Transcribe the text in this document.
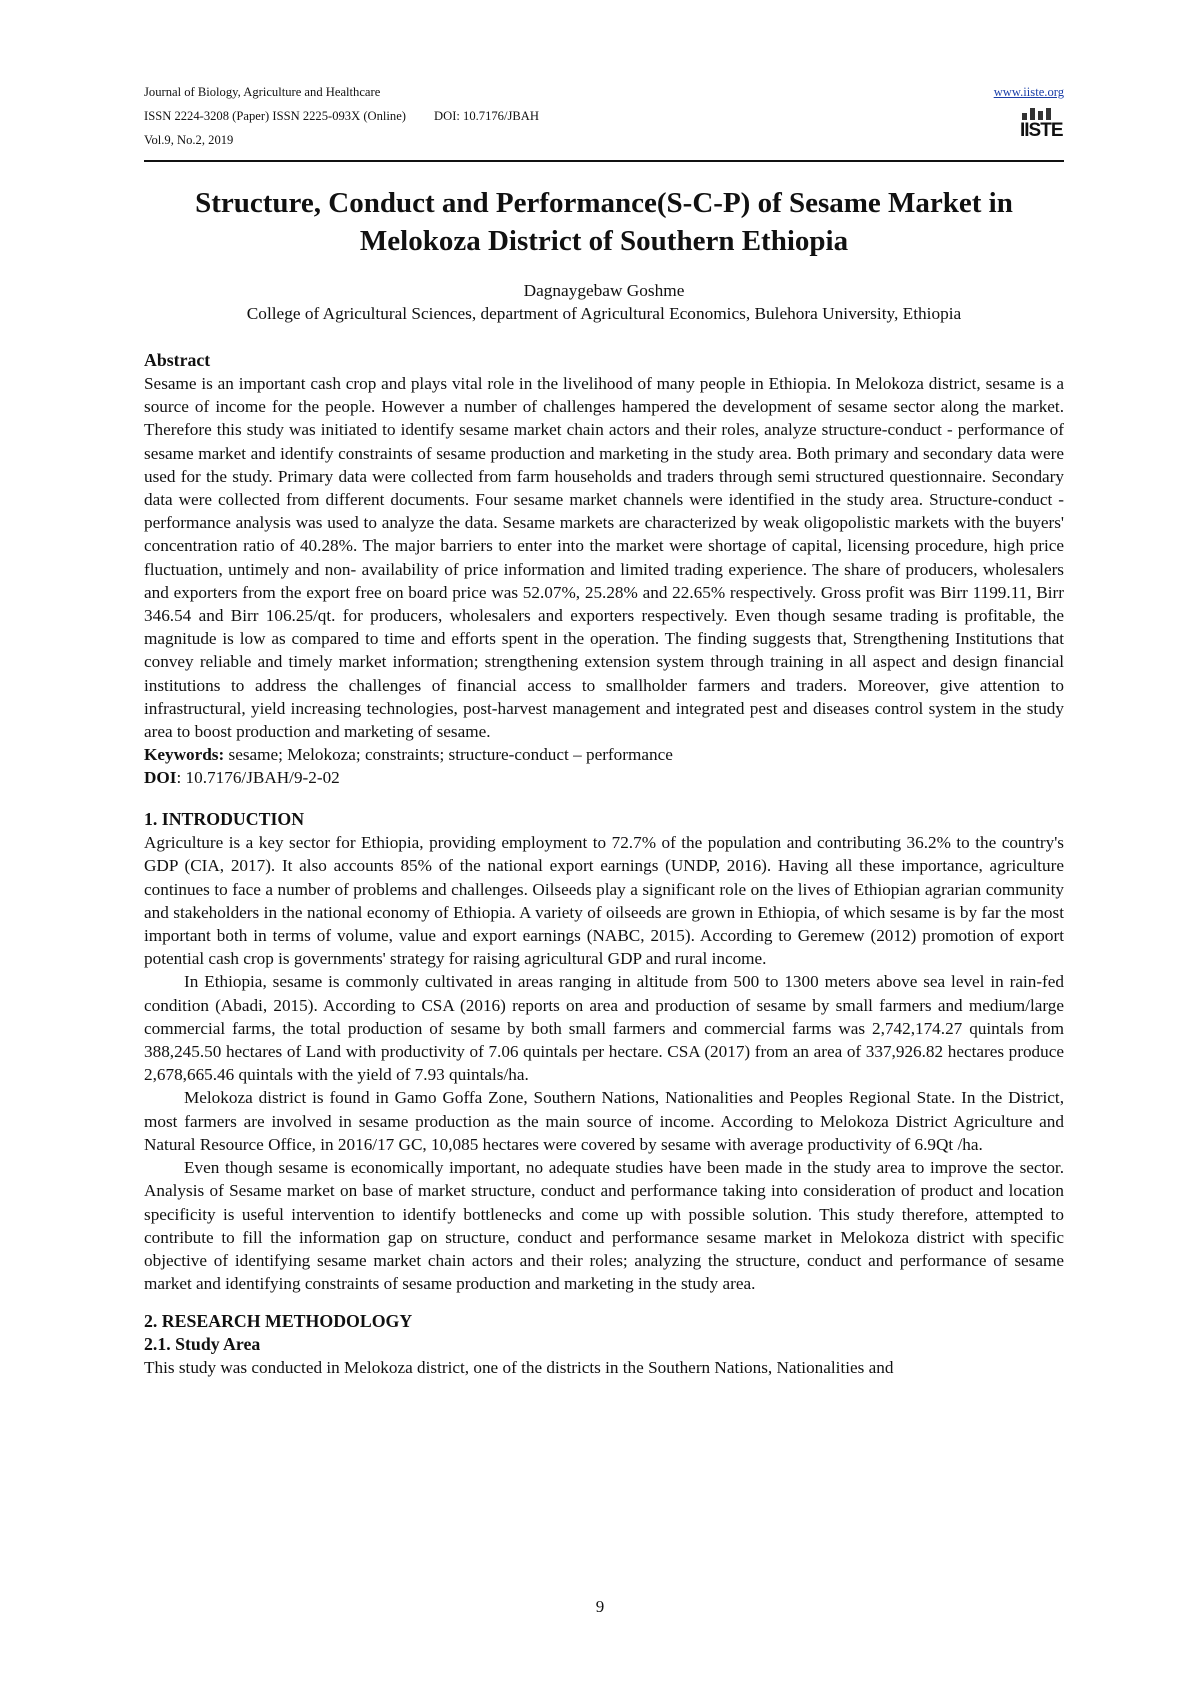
Journal of Biology, Agriculture and Healthcare
ISSN 2224-3208 (Paper) ISSN 2225-093X (Online) DOI: 10.7176/JBAH
Vol.9, No.2, 2019
www.iiste.org
IISTE
Structure, Conduct and Performance(S-C-P) of Sesame Market in Melokoza District of Southern Ethiopia
Dagnaygebaw Goshme
College of Agricultural Sciences, department of Agricultural Economics, Bulehora University, Ethiopia
Abstract

Sesame is an important cash crop and plays vital role in the livelihood of many people in Ethiopia. In Melokoza district, sesame is a source of income for the people. However a number of challenges hampered the development of sesame sector along the market. Therefore this study was initiated to identify sesame market chain actors and their roles, analyze structure-conduct - performance of sesame market and identify constraints of sesame production and marketing in the study area. Both primary and secondary data were used for the study. Primary data were collected from farm households and traders through semi structured questionnaire. Secondary data were collected from different documents. Four sesame market channels were identified in the study area. Structure-conduct - performance analysis was used to analyze the data. Sesame markets are characterized by weak oligopolistic markets with the buyers' concentration ratio of 40.28%. The major barriers to enter into the market were shortage of capital, licensing procedure, high price fluctuation, untimely and non- availability of price information and limited trading experience. The share of producers, wholesalers and exporters from the export free on board price was 52.07%, 25.28% and 22.65% respectively. Gross profit was Birr 1199.11, Birr 346.54 and Birr 106.25/qt. for producers, wholesalers and exporters respectively. Even though sesame trading is profitable, the magnitude is low as compared to time and efforts spent in the operation. The finding suggests that, Strengthening Institutions that convey reliable and timely market information; strengthening extension system through training in all aspect and design financial institutions to address the challenges of financial access to smallholder farmers and traders. Moreover, give attention to infrastructural, yield increasing technologies, post-harvest management and integrated pest and diseases control system in the study area to boost production and marketing of sesame.

Keywords: sesame; Melokoza; constraints; structure-conduct – performance
DOI: 10.7176/JBAH/9-2-02
1. INTRODUCTION

Agriculture is a key sector for Ethiopia, providing employment to 72.7% of the population and contributing 36.2% to the country's GDP (CIA, 2017). It also accounts 85% of the national export earnings (UNDP, 2016). Having all these importance, agriculture continues to face a number of problems and challenges. Oilseeds play a significant role on the lives of Ethiopian agrarian community and stakeholders in the national economy of Ethiopia. A variety of oilseeds are grown in Ethiopia, of which sesame is by far the most important both in terms of volume, value and export earnings (NABC, 2015). According to Geremew (2012) promotion of export potential cash crop is governments' strategy for raising agricultural GDP and rural income.

In Ethiopia, sesame is commonly cultivated in areas ranging in altitude from 500 to 1300 meters above sea level in rain-fed condition (Abadi, 2015). According to CSA (2016) reports on area and production of sesame by small farmers and medium/large commercial farms, the total production of sesame by both small farmers and commercial farms was 2,742,174.27 quintals from 388,245.50 hectares of Land with productivity of 7.06 quintals per hectare. CSA (2017) from an area of 337,926.82 hectares produce 2,678,665.46 quintals with the yield of 7.93 quintals/ha.

Melokoza district is found in Gamo Goffa Zone, Southern Nations, Nationalities and Peoples Regional State. In the District, most farmers are involved in sesame production as the main source of income. According to Melokoza District Agriculture and Natural Resource Office, in 2016/17 GC, 10,085 hectares were covered by sesame with average productivity of 6.9Qt /ha.

Even though sesame is economically important, no adequate studies have been made in the study area to improve the sector. Analysis of Sesame market on base of market structure, conduct and performance taking into consideration of product and location specificity is useful intervention to identify bottlenecks and come up with possible solution. This study therefore, attempted to contribute to fill the information gap on structure, conduct and performance sesame market in Melokoza district with specific objective of identifying sesame market chain actors and their roles; analyzing the structure, conduct and performance of sesame market and identifying constraints of sesame production and marketing in the study area.

2. RESEARCH METHODOLOGY
2.1. Study Area

This study was conducted in Melokoza district, one of the districts in the Southern Nations, Nationalities and

9
